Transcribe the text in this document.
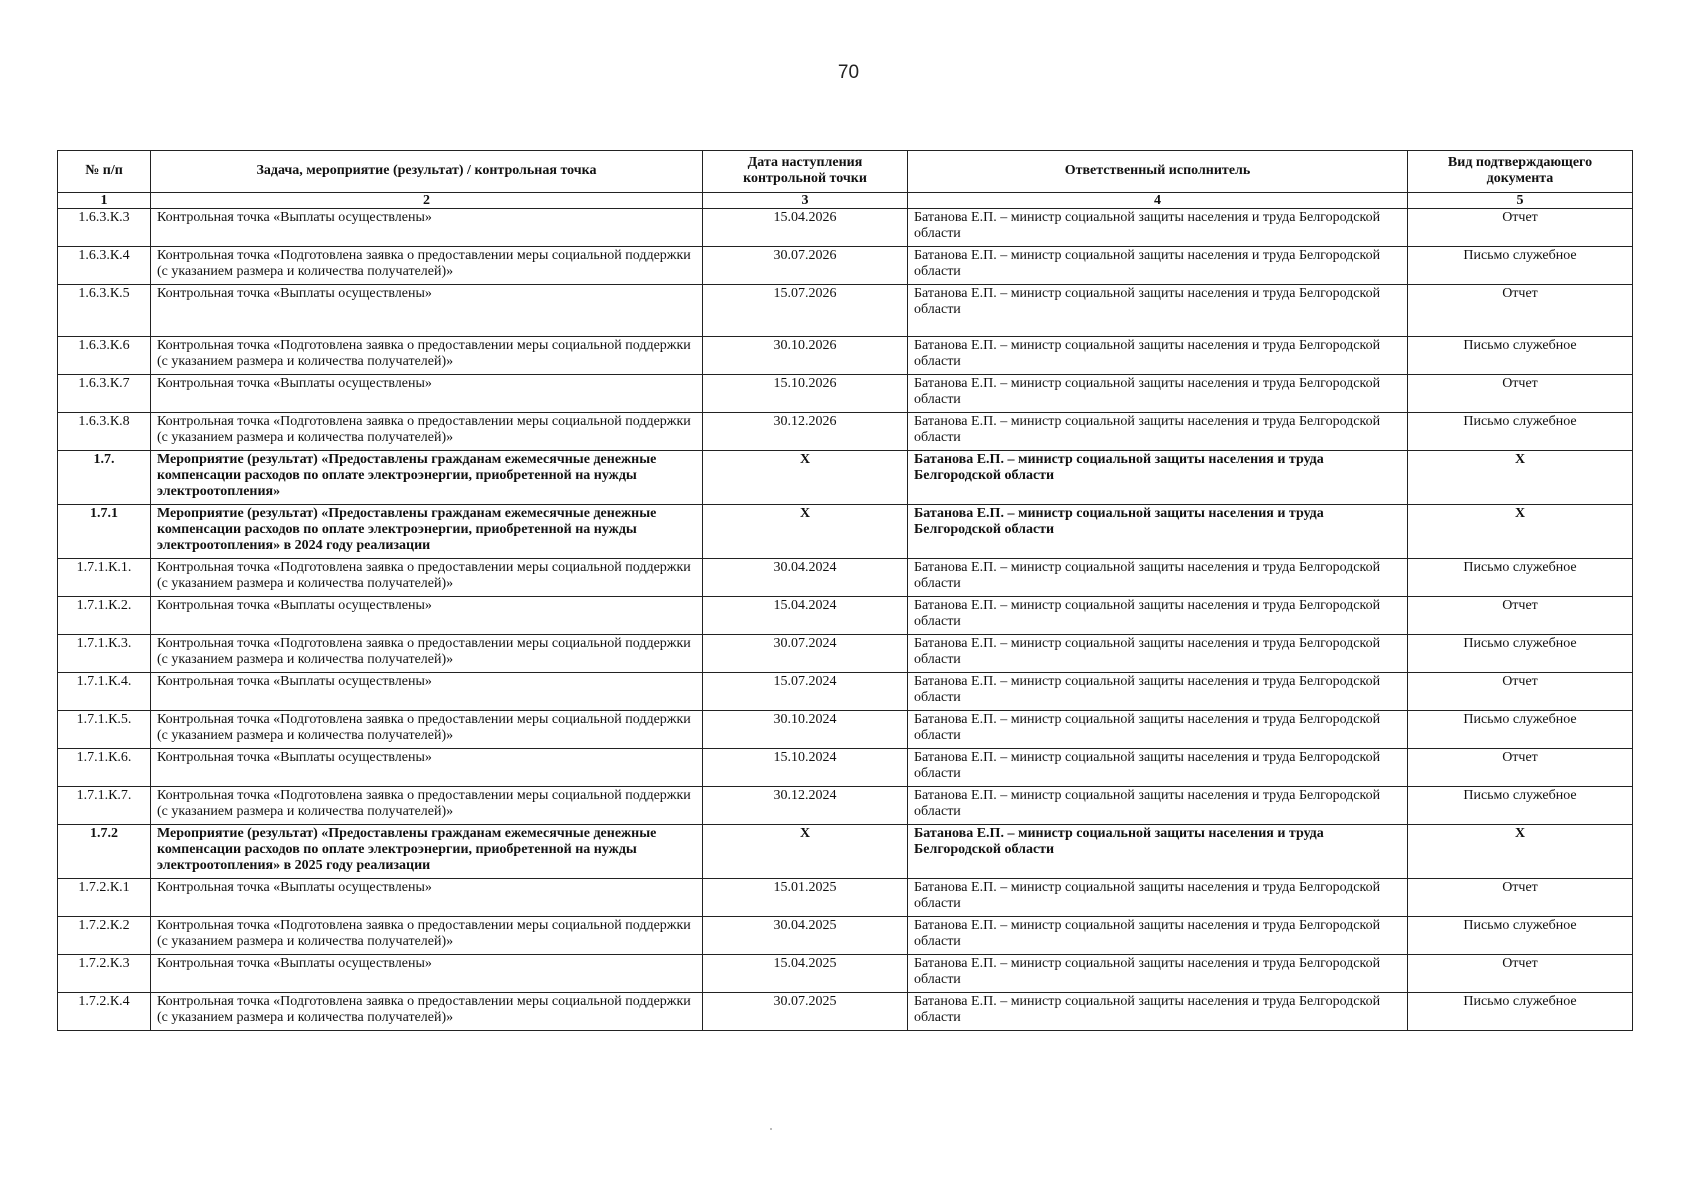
70
№ п/п	Задача, мероприятие (результат) / контрольная точка	Дата наступления контрольной точки	Ответственный исполнитель	Вид подтверждающего документа
1	2	3	4	5
1.6.3.К.3	Контрольная точка «Выплаты осуществлены»	15.04.2026	Батанова Е.П. – министр социальной защиты населения и труда Белгородской области	Отчет
1.6.3.К.4	Контрольная точка «Подготовлена заявка о предоставлении меры социальной поддержки (с указанием размера и количества получателей)»	30.07.2026	Батанова Е.П. – министр социальной защиты населения и труда Белгородской области	Письмо служебное
1.6.3.К.5	Контрольная точка «Выплаты осуществлены»	15.07.2026	Батанова Е.П. – министр социальной защиты населения и труда Белгородской области	Отчет
1.6.3.К.6	Контрольная точка «Подготовлена заявка о предоставлении меры социальной поддержки (с указанием размера и количества получателей)»	30.10.2026	Батанова Е.П. – министр социальной защиты населения и труда Белгородской области	Письмо служебное
1.6.3.К.7	Контрольная точка «Выплаты осуществлены»	15.10.2026	Батанова Е.П. – министр социальной защиты населения и труда Белгородской области	Отчет
1.6.3.К.8	Контрольная точка «Подготовлена заявка о предоставлении меры социальной поддержки (с указанием размера и количества получателей)»	30.12.2026	Батанова Е.П. – министр социальной защиты населения и труда Белгородской области	Письмо служебное
1.7.	Мероприятие (результат) «Предоставлены гражданам ежемесячные денежные компенсации расходов по оплате электроэнергии, приобретенной на нужды электроотопления»	Х	Батанова Е.П. – министр социальной защиты населения и труда Белгородской области	Х
1.7.1	Мероприятие (результат) «Предоставлены гражданам ежемесячные денежные компенсации расходов по оплате электроэнергии, приобретенной на нужды электроотопления» в 2024 году реализации	Х	Батанова Е.П. – министр социальной защиты населения и труда Белгородской области	Х
1.7.1.К.1.	Контрольная точка «Подготовлена заявка о предоставлении меры социальной поддержки (с указанием размера и количества получателей)»	30.04.2024	Батанова Е.П. – министр социальной защиты населения и труда Белгородской области	Письмо служебное
1.7.1.К.2.	Контрольная точка «Выплаты осуществлены»	15.04.2024	Батанова Е.П. – министр социальной защиты населения и труда Белгородской области	Отчет
1.7.1.К.3.	Контрольная точка «Подготовлена заявка о предоставлении меры социальной поддержки (с указанием размера и количества получателей)»	30.07.2024	Батанова Е.П. – министр социальной защиты населения и труда Белгородской области	Письмо служебное
1.7.1.К.4.	Контрольная точка «Выплаты осуществлены»	15.07.2024	Батанова Е.П. – министр социальной защиты населения и труда Белгородской области	Отчет
1.7.1.К.5.	Контрольная точка «Подготовлена заявка о предоставлении меры социальной поддержки (с указанием размера и количества получателей)»	30.10.2024	Батанова Е.П. – министр социальной защиты населения и труда Белгородской области	Письмо служебное
1.7.1.К.6.	Контрольная точка «Выплаты осуществлены»	15.10.2024	Батанова Е.П. – министр социальной защиты населения и труда Белгородской области	Отчет
1.7.1.К.7.	Контрольная точка «Подготовлена заявка о предоставлении меры социальной поддержки (с указанием размера и количества получателей)»	30.12.2024	Батанова Е.П. – министр социальной защиты населения и труда Белгородской области	Письмо служебное
1.7.2	Мероприятие (результат) «Предоставлены гражданам ежемесячные денежные компенсации расходов по оплате электроэнергии, приобретенной на нужды электроотопления» в 2025 году реализации	Х	Батанова Е.П. – министр социальной защиты населения и труда Белгородской области	Х
1.7.2.К.1	Контрольная точка «Выплаты осуществлены»	15.01.2025	Батанова Е.П. – министр социальной защиты населения и труда Белгородской области	Отчет
1.7.2.К.2	Контрольная точка «Подготовлена заявка о предоставлении меры социальной поддержки (с указанием размера и количества получателей)»	30.04.2025	Батанова Е.П. – министр социальной защиты населения и труда Белгородской области	Письмо служебное
1.7.2.К.3	Контрольная точка «Выплаты осуществлены»	15.04.2025	Батанова Е.П. – министр социальной защиты населения и труда Белгородской области	Отчет
1.7.2.К.4	Контрольная точка «Подготовлена заявка о предоставлении меры социальной поддержки (с указанием размера и количества получателей)»	30.07.2025	Батанова Е.П. – министр социальной защиты населения и труда Белгородской области	Письмо служебное
